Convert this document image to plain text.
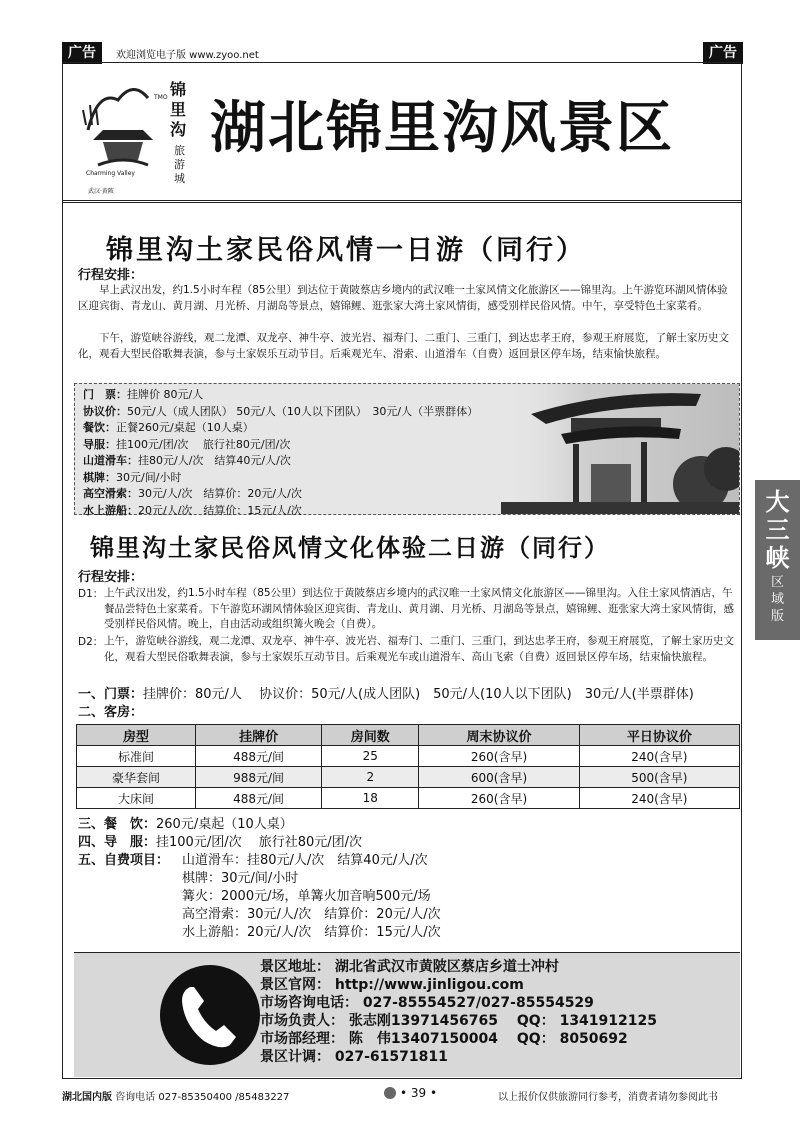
广告	欢迎浏览电子版 www.zyoo.net	广告
TMO 锦里沟
旅游城
Charming Valley
武汉·黄陂
湖北锦里沟风景区
锦里沟土家民俗风情一日游（同行）
行程安排：
早上武汉出发，约1.5小时车程（85公里）到达位于黄陂蔡店乡境内的武汉唯一土家风情文化旅游区——锦里沟。上午游览环湖风情体验区迎宾街、青龙山、黄月湖、月光桥、月湖岛等景点，嬉锦鲤、逛张家大湾土家风情街，感受别样民俗风情。中午，享受特色土家菜肴。
下午，游览峡谷游线，观二龙潭、双龙亭、神牛亭、波光岩、福寿门、二重门、三重门，到达忠孝王府，参观王府展览，了解土家历史文化，观看大型民俗歌舞表演，参与土家娱乐互动节目。后乘观光车、滑索、山道滑车（自费）返回景区停车场，结束愉快旅程。
门　票：挂牌价 80元/人
协议价：50元/人（成人团队） 50元/人（10人以下团队）　30元/人（半票群体）
餐饮：正餐260元/桌起（10人桌）
导服：挂100元/团/次　 旅行社80元/团/次
山道滑车：挂80元/人/次　结算40元/人/次
棋牌：30元/间/小时
高空滑索：30元/人/次　结算价：20元/人/次
水上游船：20元/人/次　结算价：15元/人/次
锦里沟土家民俗风情文化体验二日游（同行）
行程安排：
D1： 上午武汉出发，约1.5小时车程（85公里）到达位于黄陂蔡店乡境内的武汉唯一土家风情文化旅游区——锦里沟。入住土家风情酒店，午餐品尝特色土家菜肴。下午游览环湖风情体验区迎宾街、青龙山、黄月湖、月光桥、月湖岛等景点，嬉锦鲤、逛张家大湾土家风情街，感受别样民俗风情。晚上，自由活动或组织篝火晚会（自费）。
D2： 上午，游览峡谷游线，观二龙潭、双龙亭、神牛亭、波光岩、福寿门、二重门、三重门，到达忠孝王府，参观王府展览，了解土家历史文化，观看大型民俗歌舞表演，参与土家娱乐互动节目。后乘观光车或山道滑车、高山飞索（自费）返回景区停车场，结束愉快旅程。
一、门票：挂牌价：80元/人　 协议价：50元/人(成人团队)　50元/人(10人以下团队)　30元/人(半票群体)
二、客房：
房型	挂牌价	房间数	周末协议价	平日协议价
标准间	488元/间	25	260(含早)	240(含早)
豪华套间	988元/间	2	600(含早)	500(含早)
大床间	488元/间	18	260(含早)	240(含早)
三、餐　饮：260元/桌起（10人桌）
四、导　服：挂100元/团/次　 旅行社80元/团/次
五、自费项目： 山道滑车：挂80元/人/次　结算40元/人/次
棋牌：30元/间/小时
篝火：2000元/场，单篝火加音响500元/场
高空滑索：30元/人/次　结算价：20元/人/次
水上游船：20元/人/次　结算价：15元/人/次
景区地址： 湖北省武汉市黄陂区蔡店乡道士冲村
景区官网： http://www.jinligou.com
市场咨询电话： 027-85554527/027-85554529
市场负责人： 张志刚13971456765　 QQ： 1341912125
市场部经理： 陈　伟13407150004　 QQ： 8050692
景区计调： 027-61571811
大
三
峡
区
域
版
湖北国内版 咨询电话 027-85350400 /85483227	• 39 •	以上报价仅供旅游同行参考，消费者请勿参阅此书
